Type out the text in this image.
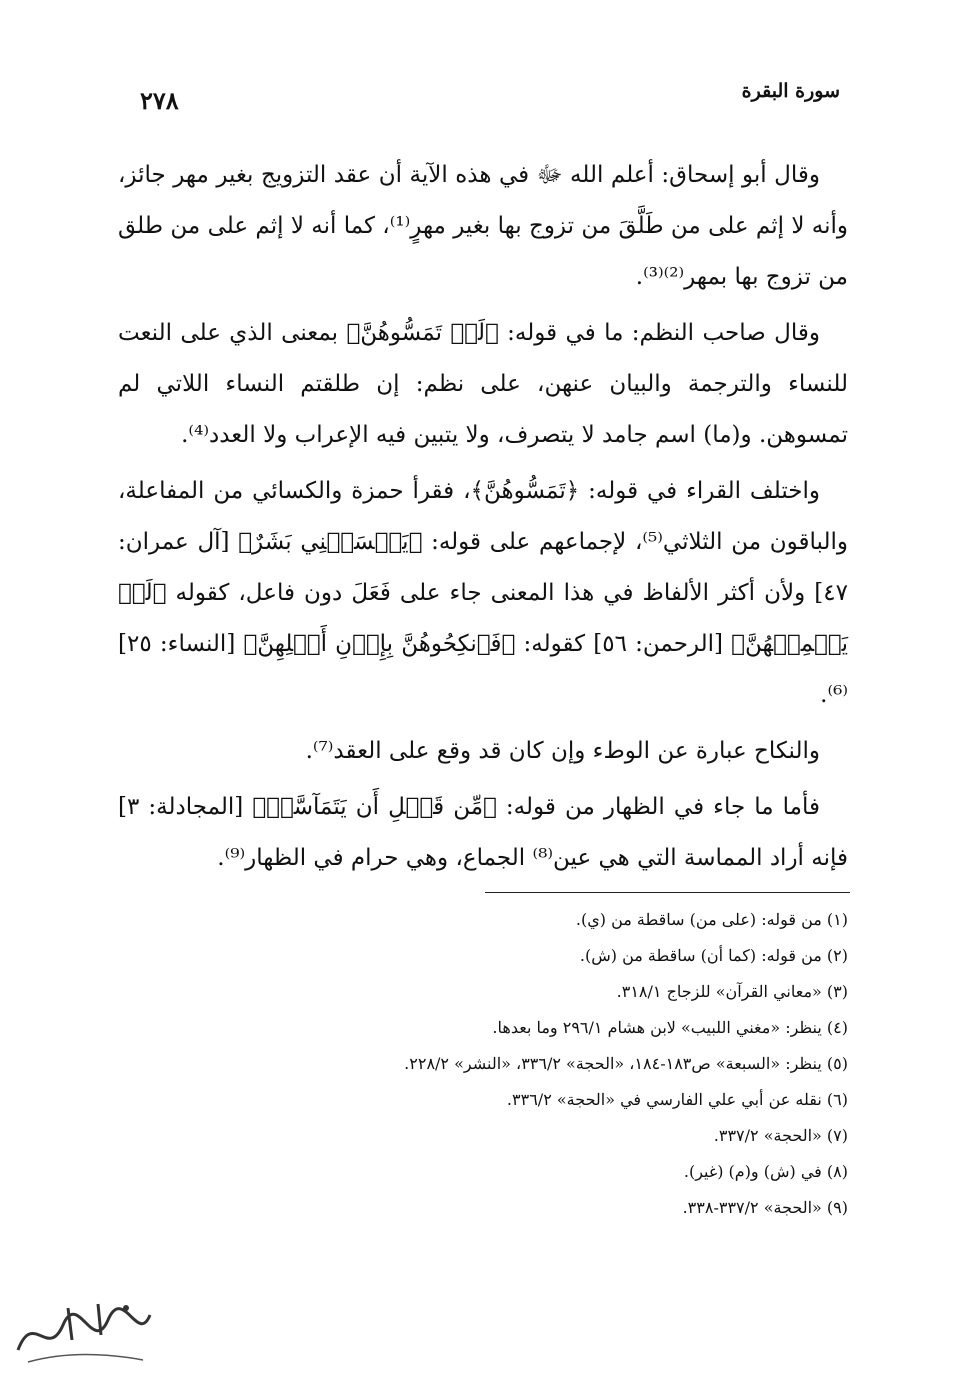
سورة البقرة
٢٧٨

وقال أبو إسحاق: أعلم الله ﷻ في هذه الآية أن عقد التزويج بغير مهر جائز، وأنه لا إثم على من طَلَّقَ من تزوج بها بغير مهرٍ⁽¹⁾، كما أنه لا إثم على من طلق من تزوج بها بمهر⁽²⁾⁽³⁾.

وقال صاحب النظم: ما في قوله: ﴿لَمۡ تَمَسُّوهُنَّ﴾ بمعنى الذي على النعت للنساء والترجمة والبيان عنهن، على نظم: إن طلقتم النساء اللاتي لم تمسوهن. و(ما) اسم جامد لا يتصرف، ولا يتبين فيه الإعراب ولا العدد⁽⁴⁾.

واختلف القراء في قوله: ﴿تَمَسُّوهُنَّ﴾، فقرأ حمزة والكسائي من المفاعلة، والباقون من الثلاثي⁽⁵⁾، لإجماعهم على قوله: ﴿يَمۡسَسۡنِي بَشَرٌ﴾ [آل عمران: ٤٧] ولأن أكثر الألفاظ في هذا المعنى جاء على فَعَلَ دون فاعل، كقوله ﴿لَمۡ يَطۡمِثۡهُنَّ﴾ [الرحمن: ٥٦] كقوله: ﴿فَٱنكِحُوهُنَّ بِإِذۡنِ أَهۡلِهِنَّ﴾ [النساء: ٢٥]⁽⁶⁾.

والنكاح عبارة عن الوطء وإن كان قد وقع على العقد⁽⁷⁾.

فأما ما جاء في الظهار من قوله: ﴿مِّن قَبۡلِ أَن يَتَمَآسَّاۚ﴾ [المجادلة: ٣] فإنه أراد المماسة التي هي عين⁽⁸⁾ الجماع، وهي حرام في الظهار⁽⁹⁾.

(١) من قوله: (على من) ساقطة من (ي).
(٢) من قوله: (كما أن) ساقطة من (ش).
(٣) «معاني القرآن» للزجاج ٣١٨/١.
(٤) ينظر: «مغني اللبيب» لابن هشام ٢٩٦/١ وما بعدها.
(٥) ينظر: «السبعة» ص١٨٣-١٨٤، «الحجة» ٣٣٦/٢، «النشر» ٢٢٨/٢.
(٦) نقله عن أبي علي الفارسي في «الحجة» ٣٣٦/٢.
(٧) «الحجة» ٣٣٧/٢.
(٨) في (ش) و(م) (غير).
(٩) «الحجة» ٣٣٧/٢-٣٣٨.
